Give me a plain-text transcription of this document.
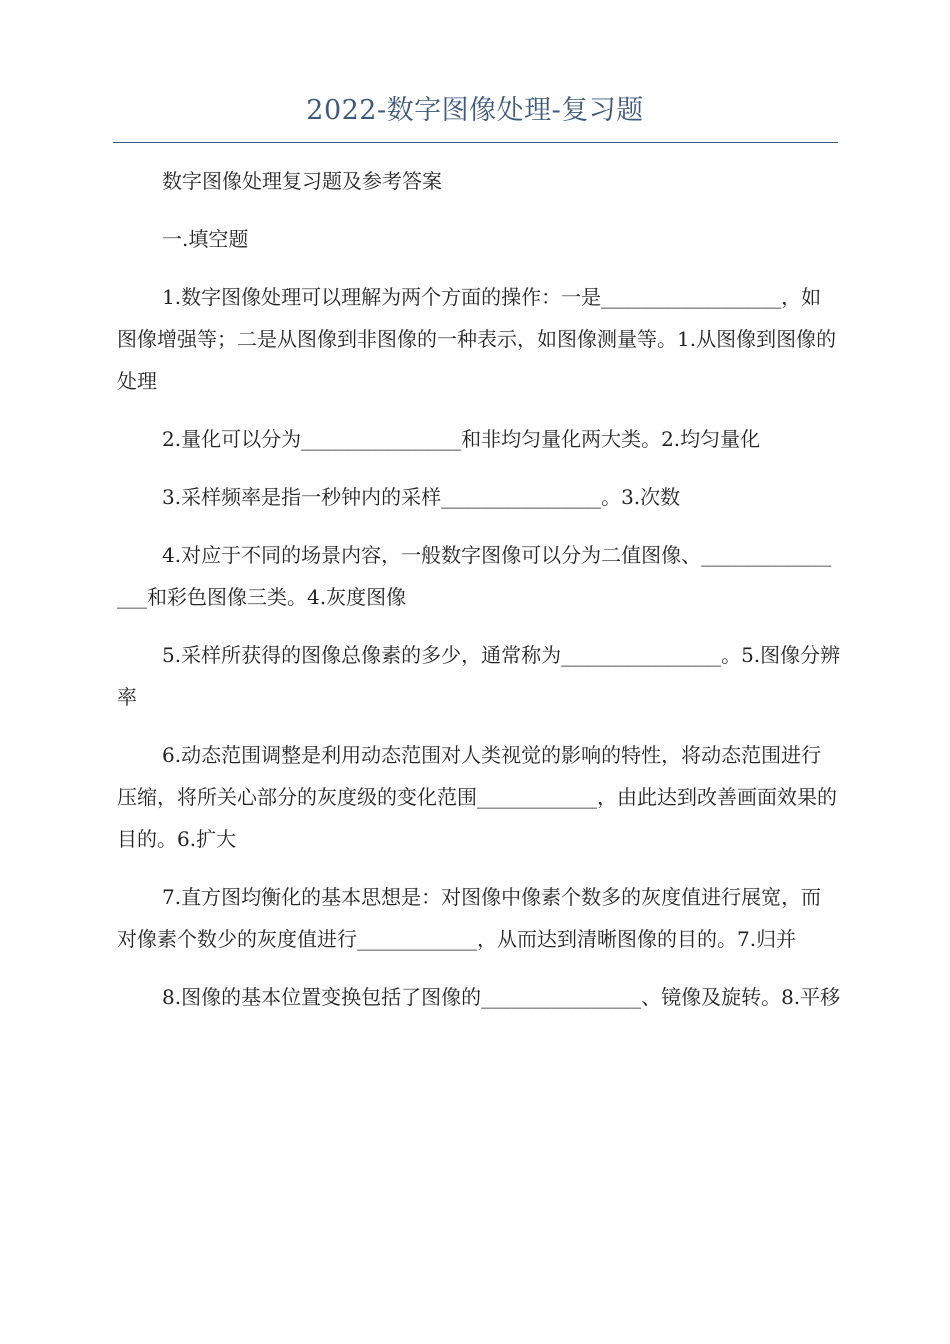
2022-数字图像处理-复习题

数字图像处理复习题及参考答案

一.填空题

1.数字图像处理可以理解为两个方面的操作：一是__________________，如图像增强等；二是从图像到非图像的一种表示，如图像测量等。1.从图像到图像的处理

2.量化可以分为________________和非均匀量化两大类。2.均匀量化

3.采样频率是指一秒钟内的采样________________。3.次数

4.对应于不同的场景内容，一般数字图像可以分为二值图像、________________和彩色图像三类。4.灰度图像

5.采样所获得的图像总像素的多少，通常称为________________。5.图像分辨率

6.动态范围调整是利用动态范围对人类视觉的影响的特性，将动态范围进行压缩，将所关心部分的灰度级的变化范围____________，由此达到改善画面效果的目的。6.扩大

7.直方图均衡化的基本思想是：对图像中像素个数多的灰度值进行展宽，而对像素个数少的灰度值进行____________，从而达到清晰图像的目的。7.归并

8.图像的基本位置变换包括了图像的________________、镜像及旋转。8.平移
